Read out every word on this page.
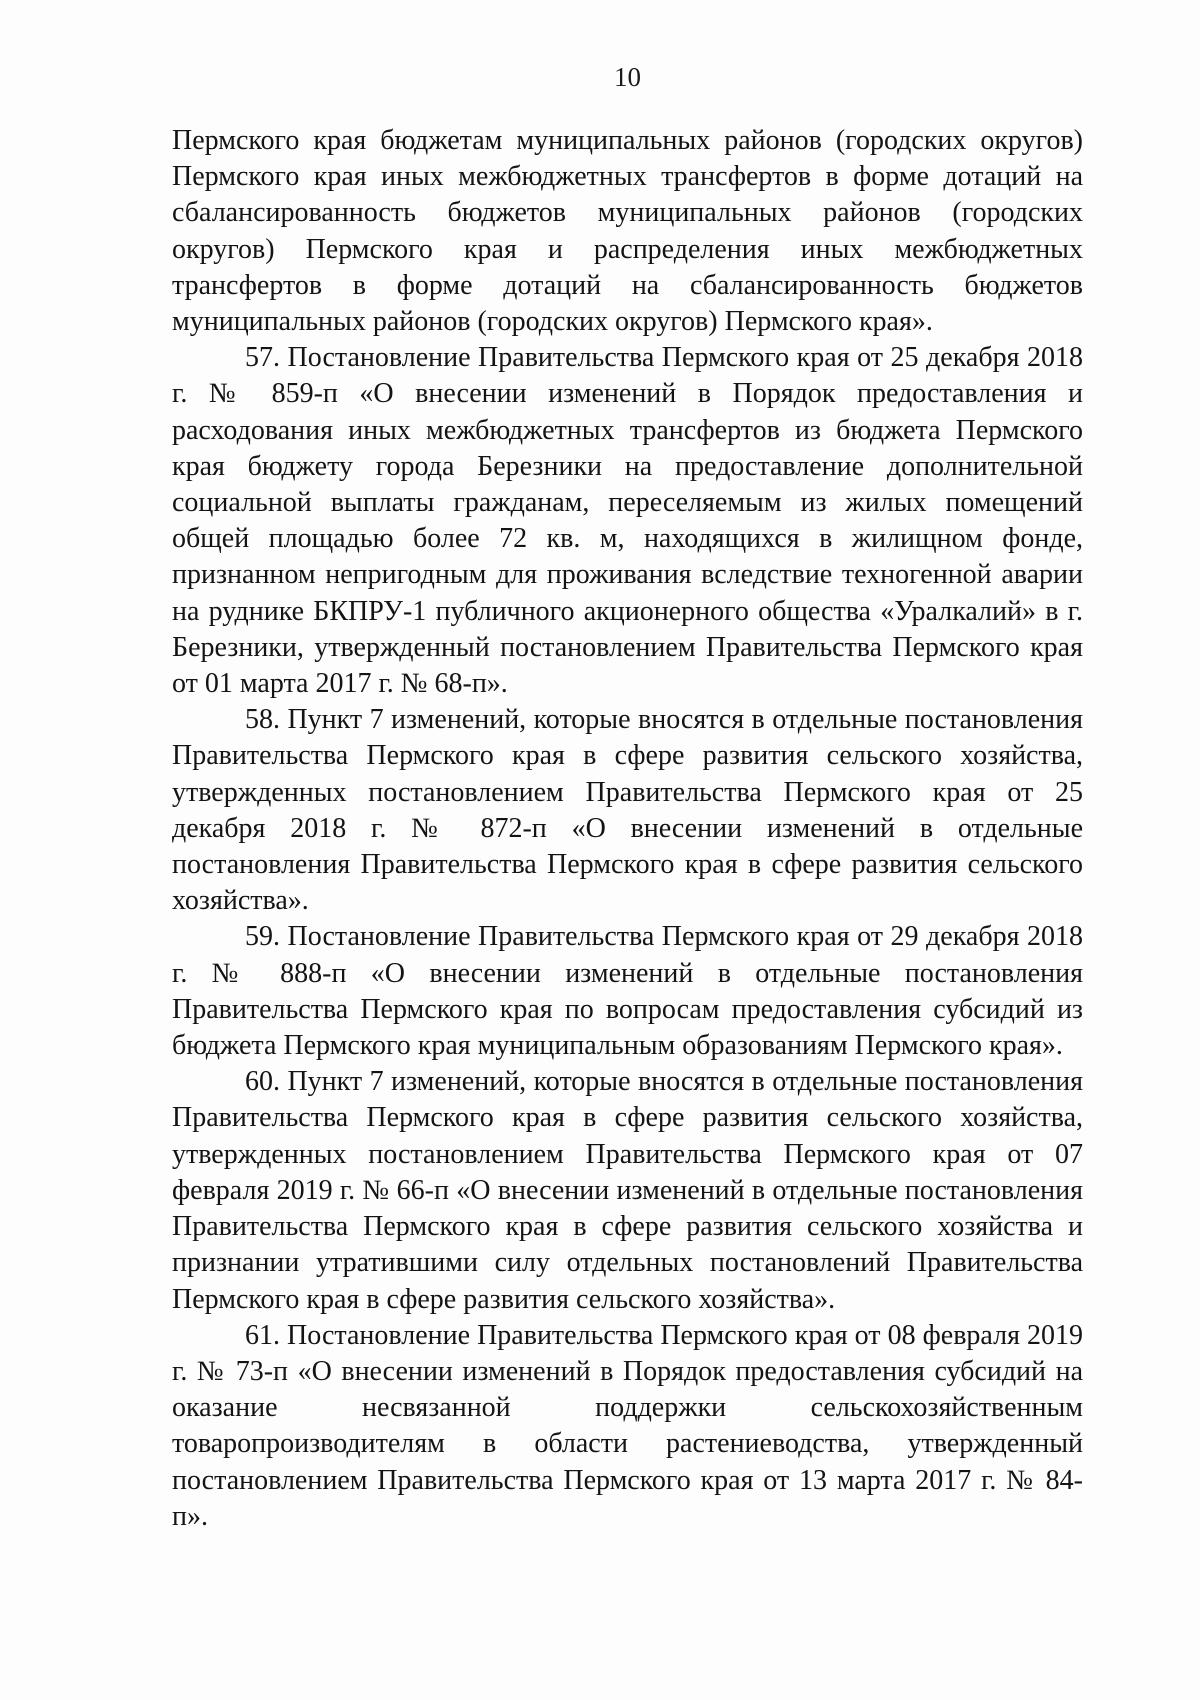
10

Пермского края бюджетам муниципальных районов (городских округов) Пермского края иных межбюджетных трансфертов в форме дотаций на сбалансированность бюджетов муниципальных районов (городских округов) Пермского края и распределения иных межбюджетных трансфертов в форме дотаций на сбалансированность бюджетов муниципальных районов (городских округов) Пермского края».

57. Постановление Правительства Пермского края от 25 декабря 2018 г. № 859-п «О внесении изменений в Порядок предоставления и расходования иных межбюджетных трансфертов из бюджета Пермского края бюджету города Березники на предоставление дополнительной социальной выплаты гражданам, переселяемым из жилых помещений общей площадью более 72 кв. м, находящихся в жилищном фонде, признанном непригодным для проживания вследствие техногенной аварии на руднике БКПРУ-1 публичного акционерного общества «Уралкалий» в г. Березники, утвержденный постановлением Правительства Пермского края от 01 марта 2017 г. № 68-п».

58. Пункт 7 изменений, которые вносятся в отдельные постановления Правительства Пермского края в сфере развития сельского хозяйства, утвержденных постановлением Правительства Пермского края от 25 декабря 2018 г. № 872-п «О внесении изменений в отдельные постановления Правительства Пермского края в сфере развития сельского хозяйства».

59. Постановление Правительства Пермского края от 29 декабря 2018 г. № 888-п «О внесении изменений в отдельные постановления Правительства Пермского края по вопросам предоставления субсидий из бюджета Пермского края муниципальным образованиям Пермского края».

60. Пункт 7 изменений, которые вносятся в отдельные постановления Правительства Пермского края в сфере развития сельского хозяйства, утвержденных постановлением Правительства Пермского края от 07 февраля 2019 г. № 66-п «О внесении изменений в отдельные постановления Правительства Пермского края в сфере развития сельского хозяйства и признании утратившими силу отдельных постановлений Правительства Пермского края в сфере развития сельского хозяйства».

61. Постановление Правительства Пермского края от 08 февраля 2019 г. № 73-п «О внесении изменений в Порядок предоставления субсидий на оказание несвязанной поддержки сельскохозяйственным товаропроизводителям в области растениеводства, утвержденный постановлением Правительства Пермского края от 13 марта 2017 г. № 84-п».
